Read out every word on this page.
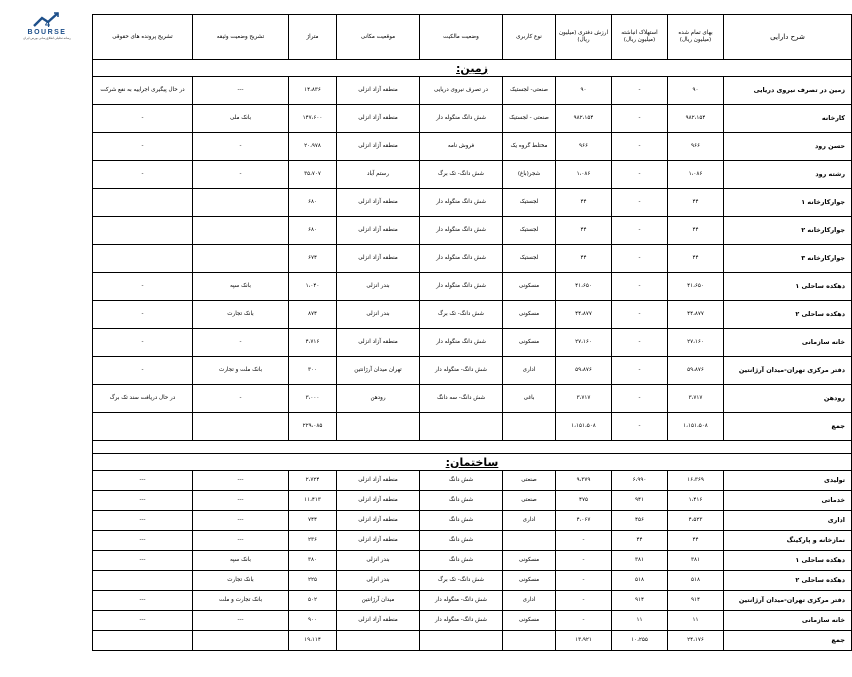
4
BOURSE
رسانه تحلیلی اطلاع‌رسانی بورس ایران	شرح دارایی	بهای تمام شده (میلیون ریال)	استهلاک انباشته (میلیون ریال)	ارزش دفتری (میلیون ریال)	نوع کاربری	وضعیت مالکیت	موقعیت مکانی	متراژ	تشریح وضعیت وثیقه	تشریح پرونده های حقوقی
زمین:									
زمین در تصرف نیروی دریایی	۹۰	-	۹۰	صنعتی- لجستیک	در تصرف نیروی دریایی	منطقه آزاد انزلی	۱۴،۸۳۶	---	در حال پیگیری اجراییه به نفع شرکت
کارخانه	۹۸۲،۱۵۴	-	۹۸۲،۱۵۴	صنعتی - لجستیک	شش دانگ منگوله دار	منطقه آزاد انزلی	۱۴۷،۶۰۰	بانک ملی	-
حسن رود	۹۶۶	-	۹۶۶	مختلط گروه یک	فروش نامه	منطقه آزاد انزلی	۲۰،۹۷۸	-	-
رشته رود	۱،۰۸۶	-	۱،۰۸۶	شجر(باغ)	شش دانگ- تک برگ	رستم آباد	۳۵،۷۰۷	-	-
جوارکارخانه ۱	۴۴	-	۴۴	لجستیک	شش دانگ منگوله دار	منطقه آزاد انزلی	۶۸۰		
جوارکارخانه ۲	۴۴	-	۴۴	لجستیک	شش دانگ منگوله دار	منطقه آزاد انزلی	۶۸۰		
جوارکارخانه ۳	۴۴	-	۴۴	لجستیک	شش دانگ منگوله دار	منطقه آزاد انزلی	۶۷۴		
دهکده ساحلی ۱	۴۱،۶۵۰	-	۴۱،۶۵۰	مسکونی	شش دانگ منگوله دار	بندر انزلی	۱،۰۴۰	بانک سپه	-
دهکده ساحلی ۲	۴۴،۸۷۷	-	۴۴،۸۷۷	مسکونی	شش دانگ- تک برگ	بندر انزلی	۸۷۴	بانک تجارت	-
خانه سازمانی	۲۷،۱۶۰	-	۲۷،۱۶۰	مسکونی	شش دانگ منگوله دار	منطقه آزاد انزلی	۴،۷۱۶	-	-
دفتر مرکزی تهران-میدان آرژانتین	۵۹،۸۷۶	-	۵۹،۸۷۶	اداری	شش دانگ- منگوله دار	تهران میدان آرژانتین	۳۰۰	بانک ملت و تجارت	-
رودهن	۳،۷۱۷	-	۳،۷۱۷	باغی	شش دانگ- سه دانگ	رودهن	۳،۰۰۰	-	در حال دریافت سند تک برگ
جمع	۱،۱۵۱،۵۰۸	-	۱،۱۵۱،۵۰۸				۲۲۹،۰۸۵		

ساختمان:									
تولیدی	۱۶،۳۶۹	۶،۹۹۰	۹،۳۷۹	صنعتی	شش دانگ	منطقه آزاد انزلی	۲،۷۲۴	---	---
خدماتی	۱،۴۱۶	۹۴۱	۴۷۵	صنعتی	شش دانگ	منطقه آزاد انزلی	۱۱،۴۱۳	---	---
اداری	۴،۵۲۳	۴۵۶	۴،۰۶۷	اداری	شش دانگ	منطقه آزاد انزلی	۷۴۴	---	---
نمازخانه و پارکینگ	۴۴	۴۴	-		شش دانگ	منطقه آزاد انزلی	۲۳۶	---	---
دهکده ساحلی ۱	۳۸۱	۳۸۱	-	مسکونی	شش دانگ	بندر انزلی	۳۸۰	بانک سپه	---
دهکده ساحلی ۲	۵۱۸	۵۱۸	-	مسکونی	شش دانگ- تک برگ	بندر انزلی	۲۲۵	بانک تجارت	
دفتر مرکزی تهران-میدان آرژانتین	۹۱۴	۹۱۴	-	اداری	شش دانگ- منگوله دار	میدان آرژانتین	۵۰۲	بانک تجارت و ملت	---
خانه سازمانی	۱۱	۱۱	-	مسکونی	شش دانگ- منگوله دار	منطقه آزاد انزلی	۹۰۰	---	---
جمع	۲۴،۱۷۶	۱۰،۲۵۵	۱۳،۹۲۱				۱۹،۱۱۴		
